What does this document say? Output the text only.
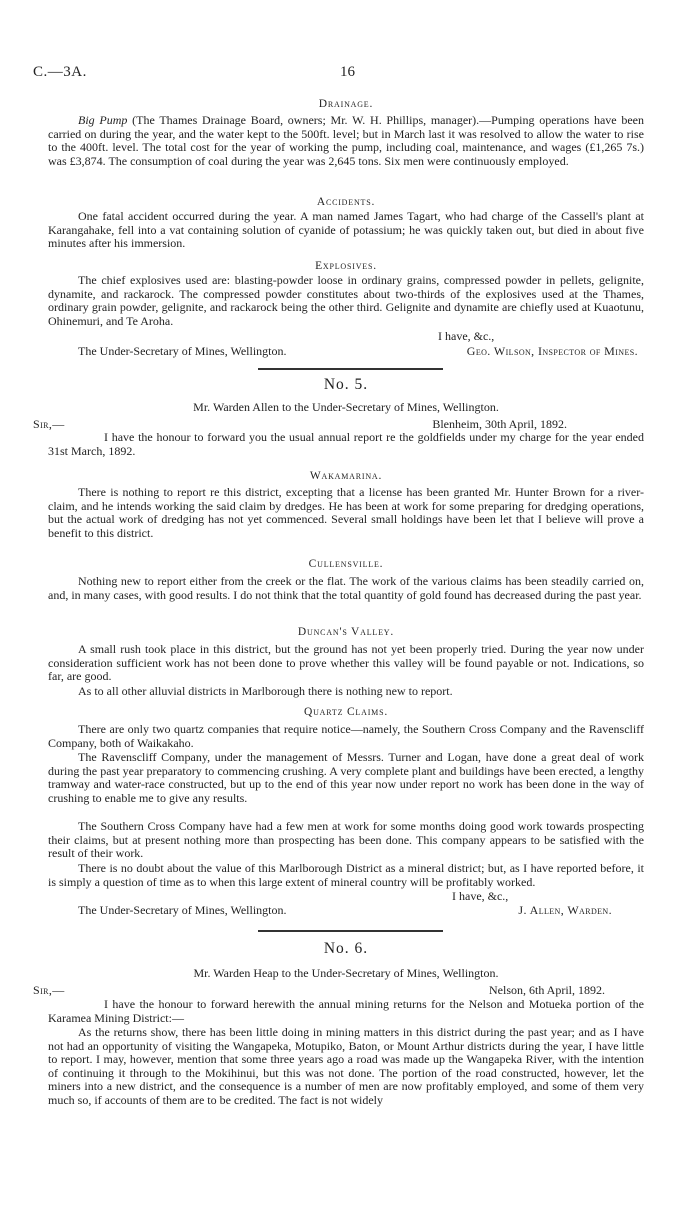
C.—3A.	16
Drainage.
Big Pump (The Thames Drainage Board, owners; Mr. W. H. Phillips, manager).—Pumping operations have been carried on during the year, and the water kept to the 500ft. level; but in March last it was resolved to allow the water to rise to the 400ft. level. The total cost for the year of working the pump, including coal, maintenance, and wages (£1,265 7s.) was £3,874. The consumption of coal during the year was 2,645 tons. Six men were continuously employed.
Accidents.
One fatal accident occurred during the year. A man named James Tagart, who had charge of the Cassell's plant at Karangahake, fell into a vat containing solution of cyanide of potassium; he was quickly taken out, but died in about five minutes after his immersion.
Explosives.
The chief explosives used are: blasting-powder loose in ordinary grains, compressed powder in pellets, gelignite, dynamite, and rackarock. The compressed powder constitutes about two-thirds of the explosives used at the Thames, ordinary grain powder, gelignite, and rackarock being the other third. Gelignite and dynamite are chiefly used at Kuaotunu, Ohinemuri, and Te Aroha.
I have, &c.,
The Under-Secretary of Mines, Wellington.	Geo. Wilson, Inspector of Mines.
No. 5.
Mr. Warden Allen to the Under-Secretary of Mines, Wellington.
Sir,—	Blenheim, 30th April, 1892.
I have the honour to forward you the usual annual report re the goldfields under my charge for the year ended 31st March, 1892.
Wakamarina.
There is nothing to report re this district, excepting that a license has been granted Mr. Hunter Brown for a river-claim, and he intends working the said claim by dredges. He has been at work for some preparing for dredging operations, but the actual work of dredging has not yet commenced. Several small holdings have been let that I believe will prove a benefit to this district.
Cullensville.
Nothing new to report either from the creek or the flat. The work of the various claims has been steadily carried on, and, in many cases, with good results. I do not think that the total quantity of gold found has decreased during the past year.
Duncan's Valley.
A small rush took place in this district, but the ground has not yet been properly tried. During the year now under consideration sufficient work has not been done to prove whether this valley will be found payable or not. Indications, so far, are good.
As to all other alluvial districts in Marlborough there is nothing new to report.
Quartz Claims.
There are only two quartz companies that require notice—namely, the Southern Cross Company and the Ravenscliff Company, both of Waikakaho.
The Ravenscliff Company, under the management of Messrs. Turner and Logan, have done a great deal of work during the past year preparatory to commencing crushing. A very complete plant and buildings have been erected, a lengthy tramway and water-race constructed, but up to the end of this year now under report no work has been done in the way of crushing to enable me to give any results.
The Southern Cross Company have had a few men at work for some months doing good work towards prospecting their claims, but at present nothing more than prospecting has been done. This company appears to be satisfied with the result of their work.
There is no doubt about the value of this Marlborough District as a mineral district; but, as I have reported before, it is simply a question of time as to when this large extent of mineral country will be profitably worked.
I have, &c.,
The Under-Secretary of Mines, Wellington.	J. Allen, Warden.
No. 6.
Mr. Warden Heap to the Under-Secretary of Mines, Wellington.
Sir,—	Nelson, 6th April, 1892.
I have the honour to forward herewith the annual mining returns for the Nelson and Motueka portion of the Karamea Mining District:—
As the returns show, there has been little doing in mining matters in this district during the past year; and as I have not had an opportunity of visiting the Wangapeka, Motupiko, Baton, or Mount Arthur districts during the year, I have little to report. I may, however, mention that some three years ago a road was made up the Wangapeka River, with the intention of continuing it through to the Mokihinui, but this was not done. The portion of the road constructed, however, let the miners into a new district, and the consequence is a number of men are now profitably employed, and some of them very much so, if accounts of them are to be credited. The fact is not widely
